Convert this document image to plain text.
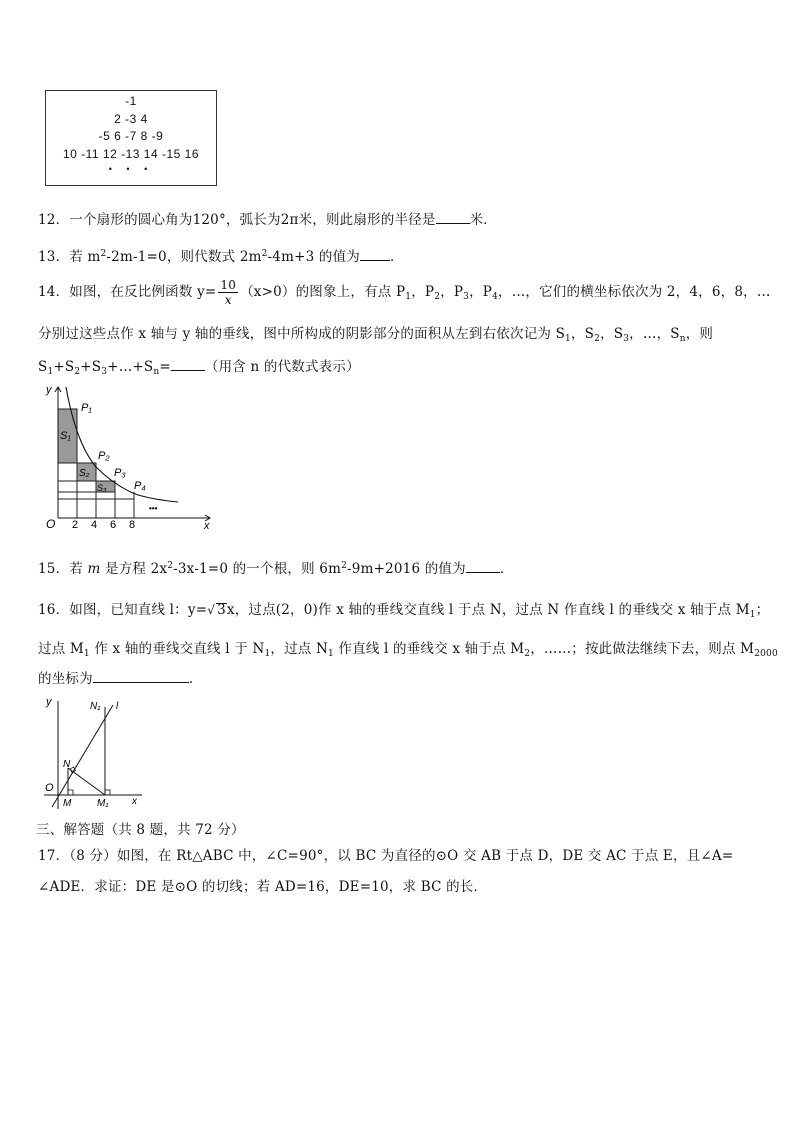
-1
2 -3 4
-5 6 -7 8 -9
10 -11 12 -13 14 -15 16
• • •
12．一个扇形的圆心角为120°，弧长为2π米，则此扇形的半径是	米．
13．若 $m^2-2m-1=0$，则代数式 $2m^2-4m+3$ 的值为 ．
14．如图，在反比例函数 $y= \frac{10}{x} (x>0)$的图象上，有点 $P_1$，$P_2$，$P_3$，$P_4$，…，它们的横坐标依次为 2，4，6，8，…
分别过这些点作 x 轴与 y 轴的垂线，图中所构成的阴影部分的面积从左到右依次记为 $S_1$，$S_2$，$S_3$，…，$S_n$，则
$S_1+S_2+S_3+\dots+S_n=$	（用含 n 的代数式表示）
y
x
O 2 4 6 8
P₁
P₂
P₃
P₄
S₁
S₂
S₃
•••
15．若 m 是方程 $2x^2-3x-1=0$ 的一个根，则 $6m^2-9m+2016$ 的值为	．
16．如图，已知直线 l：y=√ 3x，过点(2，0)作 x 轴的垂线交直线 l 于点 N，过点 N 作直线 l 的垂线交 x 轴于点 $M_1$；
过点 $M_1$ 作 x 轴的垂线交直线 l 于 $N_1$，过点 $N_1$ 作直线 l 的垂线交 x 轴于点 $M_2$，……；按此做法继续下去，则点 $M_{2000}$
的坐标为	．
y
x
O
N₁ l
N
M	M₁
三、解答题（共 8 题，共 72 分）
17．（8 分）如图，在 Rt△ABC 中，∠C=90°，以 BC 为直径的⊙O 交 AB 于点 D，DE 交 AC 于点 E，且∠A=
∠ADE．求证：DE 是⊙O 的切线；若 AD=16，DE=10，求 BC 的长．
